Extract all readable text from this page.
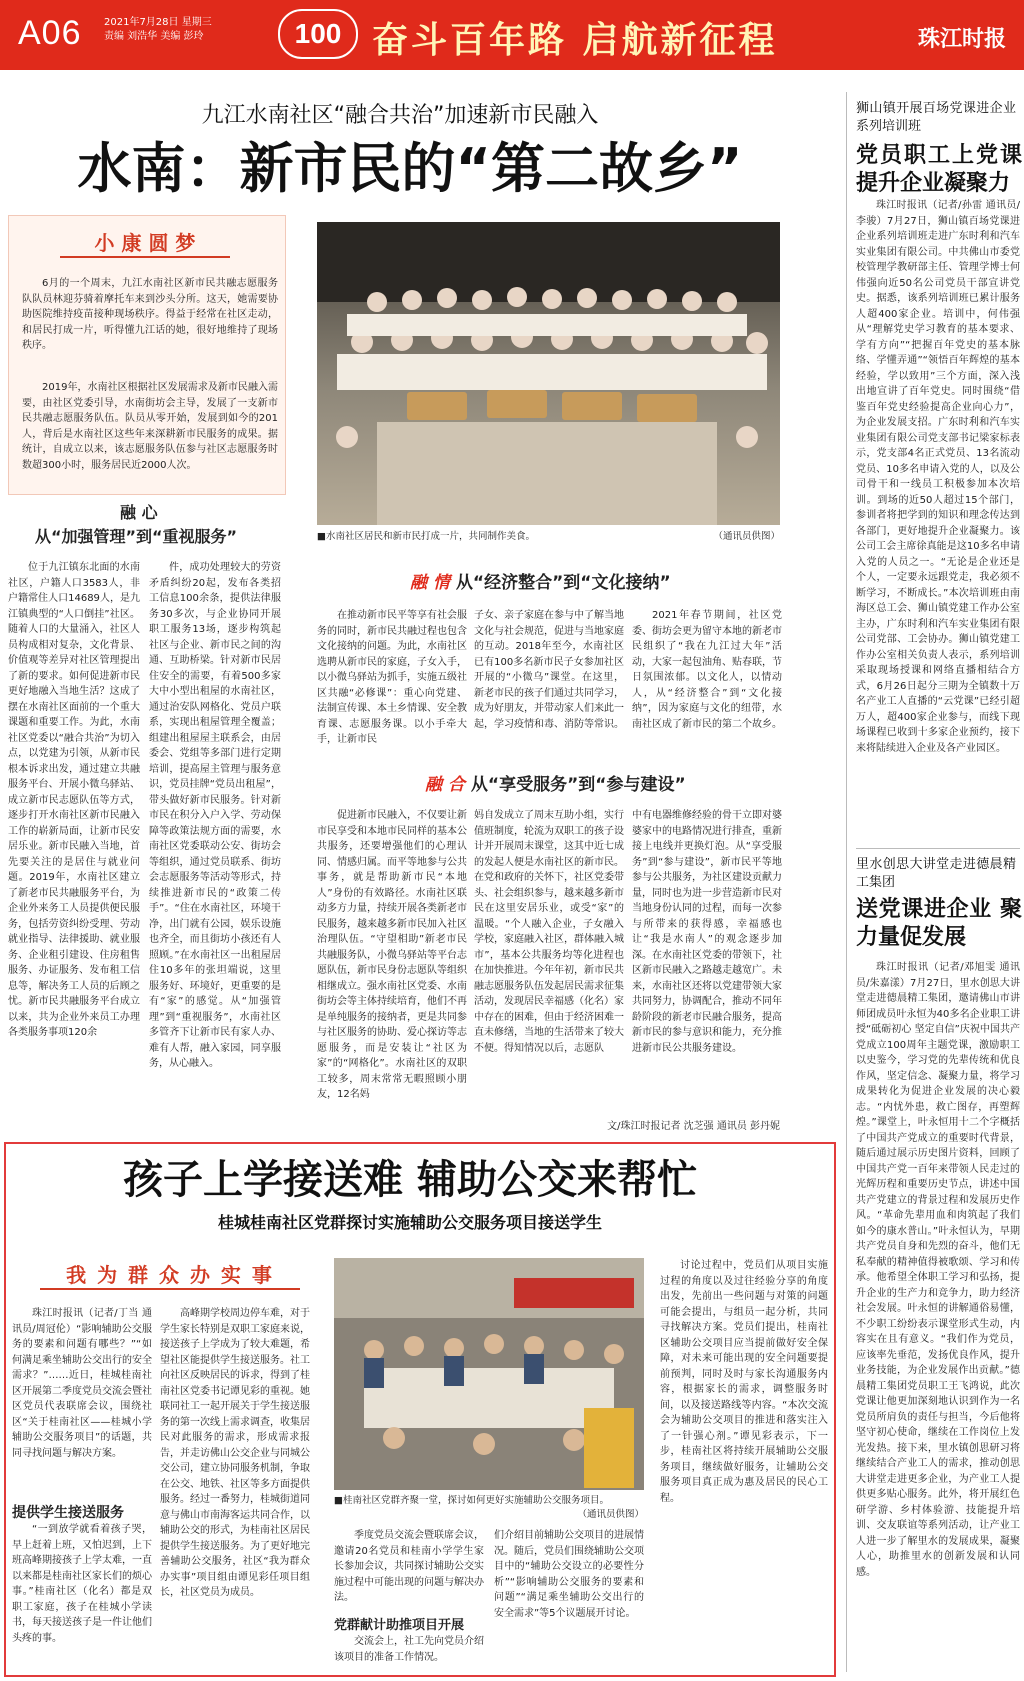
A06 2021年7月28日 星期三
责编 刘浩华 美编 彭玲	100 奋斗百年路 启航新征程	珠江时报
九江水南社区“融合共治”加速新市民融入
水南：新市民的“第二故乡”
小 康 圆 梦
6月的一个周末，九江水南社区新市民共融志愿服务队队员林迎芬骑着摩托车来到沙头分所。这天，她需要协助医院维持疫苗接种现场秩序。得益于经常在社区走动，和居民打成一片，听得懂九江话的她，很好地维持了现场秩序。
2019年，水南社区根据社区发展需求及新市民融入需要，由社区党委引导，水南街坊会主导，发展了一支新市民共融志愿服务队伍。队员从零开始，发展到如今的201人，背后是水南社区这些年来深耕新市民服务的成果。据统计，自成立以来，该志愿服务队伍参与社区志愿服务时数超300小时，服务居民近2000人次。
■水南社区居民和新市民打成一片，共同制作美食。	（通讯员供图）
融 心
从“加强管理”到“重视服务”
位于九江镇东北面的水南社区，户籍人口3583人，非户籍常住人口14689人，是九江镇典型的“人口倒挂”社区。随着人口的大量涌入，社区人员构成相对复杂，文化背景、价值观等差异对社区管理提出了新的要求。如何促进新市民更好地融入当地生活？这成了摆在水南社区面前的一个重大课题和重要工作。为此，水南社区党委以“融合共治”为切入点，以党建为引领，从新市民根本诉求出发，通过建立共融服务平台、开展小微乌驿站、成立新市民志愿队伍等方式，逐步打开水南社区新市民融入工作的崭新局面，让新市民安居乐业。新市民融入当地，首先要关注的是居住与就业问题。2019年，水南社区建立了新老市民共融服务平台，为企业外来务工人员提供便民服务，包括劳资纠纷受理、劳动就业指导、法律援助、就业服务、企业租引建设、住房租售服务、办证服务、发布租工信息等，解决务工人员的后顾之忧。新市民共融服务平台成立以来，共为企业外来员工办理各类服务事项120余
件，成功处理较大的劳资矛盾纠纷20起，发布各类招工信息100余条，提供法律服务30多次，与企业协同开展职工服务13场，逐步构筑起社区与企业、新市民之间的沟通、互助桥梁。针对新市民居住安全的需要，有着500多家大中小型出租屋的水南社区，通过治安队网格化、党员户联系，实现出租屋管理全覆盖；组建出租屋屋主联系会，由居委会、党组等多部门进行定期培训，提高屋主管理与服务意识，党员挂牌“党员出租屋”，带头做好新市民服务。针对新市民在积分入户入学、劳动保障等政策法规方面的需要，水南社区党委联动公安、街坊会等组织，通过党员联系、街坊会志愿服务等活动等形式，持续推进新市民的“政策二传手”。“住在水南社区，环境干净，出门就有公园，娱乐设施也齐全，而且街坊小孩还有人照顾。”在水南社区一出租屋居住10多年的张坦端说，这里服务好、环境好，更重要的是有“家”的感觉。从“加强管理”到“重视服务”，水南社区多管齐下让新市民有家人办、难有人帮，融入家园，同享服务，从心融入。
融 情 从“经济整合”到“文化接纳”
在推动新市民平等享有社会服务的同时，新市民共融过程也包含文化接纳的问题。为此，水南社区选聘从新市民的家庭，子女入手，以小微乌驿站为抓手，实施五级社区共融“必修课”：重心向党建、法制宣传课、本土乡情课、安全教育课、志愿服务课。以小手牵大手，让新市民
子女、亲子家庭在参与中了解当地文化与社会规范，促进与当地家庭的互动。2018年至今，水南社区已有100多名新市民子女参加社区开展的“小微乌”课堂。在这里，新老市民的孩子们通过共同学习，成为好朋友，并带动家人们来此一起，学习疫情和毒、消防等常识。
2021年春节期间，社区党委、街坊会更为留守本地的新老市民组织了“我在九江过大年”活动，大家一起包油角、贴春联，节日氛围浓郁。以文化人，以情动人，从“经济整合”到“文化接纳”，因为家庭与文化的纽带，水南社区成了新市民的第二个故乡。
融 合 从“享受服务”到“参与建设”
促进新市民融入，不仅要让新市民享受和本地市民同样的基本公共服务，还要增强他们的心理认同、情感归属。而平等地参与公共事务，就是帮助新市民“本地人”身份的有效路径。水南社区联动多方力量，持续开展各类新老市民服务，越来越多新市民加入社区治理队伍。“守望相助”新老市民共融服务队，小微乌驿站等平台志愿队伍，新市民身份志愿队等组织相继成立。强水南社区党委、水南街坊会等主体持续培育，他们不再是单纯服务的接纳者，更是共同参与社区服务的协助、爱心探访等志愿服务，而是安装让“社区为家”的“网格化”。水南社区的双职工较多，周末常常无暇照顾小朋友，12名妈
妈自发成立了周末互助小组，实行值班制度，轮流为双职工的孩子设计并开展周末课堂，这其中近七成的发起人便是水南社区的新市民。在党和政府的关怀下，社区党委带头、社会组织参与，越来越多新市民在这里安居乐业，或受“家”的温暖。“个人融入企业，子女融入学校，家庭融入社区，群体融入城市”，基本公共服务均等化进程也在加快推进。今年年初，新市民共融志愿服务队伍发起居民需求征集活动，发现居民幸福感（化名）家中存在的困难，但由于经济困难一直未修缮，当地的生活带来了较大不便。得知情况以后，志愿队
中有电器维修经验的骨干立即对婆婆家中的电路情况进行排查，重新接上电线并更换灯泡。从“享受服务”到“参与建设”，新市民平等地参与公共服务，为社区建设贡献力量，同时也为进一步营造新市民对当地身份认同的过程，而每一次参与所带来的获得感，幸福感也让“我是水南人”的观念逐步加深。在水南社区党委的带领下，社区新市民融入之路越走越宽广。未来，水南社区还将以党建带领大家共同努力，协调配合，推动不同年龄阶段的新老市民融合服务，提高新市民的参与意识和能力，充分推进新市民公共服务建设。
文/珠江时报记者 沈芝强 通讯员 彭丹妮
狮山镇开展百场党课进企业系列培训班
党员职工上党课 提升企业凝聚力
珠江时报讯（记者/孙雷 通讯员/李骏）7月27日，狮山镇百场党课进企业系列培训班走进广东时利和汽车实业集团有限公司。中共佛山市委党校管理学教研部主任、管理学博士何伟强向近50名公司党员干部宣讲党史。据悉，该系列培训班已累计服务人超400家企业。培训中，何伟强从“理解党史学习教育的基本要求、学有方向”“把握百年党史的基本脉络、学懂弄通”“领悟百年辉煌的基本经验，学以致用”三个方面，深入浅出地宣讲了百年党史。同时围绕“借鉴百年党史经验提高企业向心力”，为企业发展支招。广东时利和汽车实业集团有限公司党支部书记梁家标表示，党支部4名正式党员、13名流动党员、10多名申请入党的人，以及公司骨干和一线员工积极参加本次培训。到场的近50人超过15个部门，参训者将把学到的知识和理念传达到各部门，更好地提升企业凝聚力。该公司工会主席徐真能是这10多名申请入党的人员之一。“无论是企业还是个人，一定要永远跟党走，我必须不断学习，不断成长。”本次培训班由南海区总工会、狮山镇党建工作办公室主办，广东时利和汽车实业集团有限公司党部、工会协办。狮山镇党建工作办公室相关负责人表示，系列培训采取现场授课和网络直播相结合方式，6月26日起分三期为全镇数十万名产业工人直播的“云党课”已经引超万人，超400家企业参与，而线下现场课程已收到十多家企业预约，接下来将陆续进入企业及各产业园区。
里水创思大讲堂走进德晨精工集团
送党课进企业 聚力量促发展
珠江时报讯（记者/邓旭雯 通讯员/朱嘉漾）7月27日，里水创思大讲堂走进德晨精工集团，邀请佛山市讲师团成员叶永恒为40多名企业职工讲授“砥砺初心 坚定自信”庆祝中国共产党成立100周年主题党课，激励职工以史鉴今，学习党的先辈传统和优良作风，坚定信念、凝聚力量，将学习成果转化为促进企业发展的决心毅志。“内忧外患，救亡图存，再塑辉煌。”课堂上，叶永恒用十二个字概括了中国共产党成立的重要时代背景，随后通过展示历史图片资料，回顾了中国共产党一百年来带领人民走过的光辉历程和重要历史节点，讲述中国共产党建立的背景过程和发展历史作风。“革命先辈用血和肉筑起了我们如今的康水普山。”叶永恒认为，早期共产党员自身和先烈的奋斗，他们无私奉献的精神值得被歌颂、学习和传承。他希望全体职工学习和弘扬，提升企业的生产力和竞争力，助力经济社会发展。叶永恒的讲解通俗易懂，不少职工纷纷表示课堂形式生动，内容实在且有意义。“我们作为党员，应该率先垂范，发扬优良作风，提升业务技能，为企业发展作出贡献。”德晨精工集团党员职工王飞鸿说，此次党课让他更加深刻地认识到作为一名党员所肩负的责任与担当，今后他将坚守初心使命，继续在工作岗位上发光发热。接下来，里水镇创思研习将继续结合产业工人的需求，推动创思大讲堂走进更多企业，为产业工人提供更多贴心服务。此外，将开展红色研学游、乡村体验游、技能提升培训、交友联谊等系列活动，让产业工人进一步了解里水的发展成果，凝聚人心，助推里水的创新发展和认同感。
孩子上学接送难 辅助公交来帮忙
桂城桂南社区党群探讨实施辅助公交服务项目接送学生
我 为 群 众 办 实 事
珠江时报讯（记者/丁当 通讯员/周冠伦）“影响辅助公交服务的要素和问题有哪些？”“如何满足乘坐辅助公交出行的安全需求？”……近日，桂城桂南社区开展第二季度党员交流会暨社区党员代表联席会议，围绕社区“关于桂南社区——桂城小学辅助公交服务项目”的话题，共同寻找问题与解决方案。
提供学生接送服务
“一到放学就看着孩子哭，早上赶着上班，又怕迟到，上下班高峰期接孩子上学太难，一直以来都是桂南社区家长们的烦心事。”桂南社区（化名）都是双职工家庭，孩子在桂城小学读书，每天接送孩子是一件让他们头疼的事。
高峰期学校周边停车难，对于学生家长特别是双职工家庭来说，接送孩子上学成为了较大难题，希望社区能提供学生接送服务。社工向社区反映居民的诉求，得到了桂南社区党委书记谭见彩的重视。她联同社工一起开展关于学生接送服务的第一次线上需求调查，收集居民对此服务的需求，形成需求报告，并走访佛山公交企业与同城公交公司，建立协同服务机制，争取在公交、地铁、社区等多方面提供服务。经过一番努力，桂城街道同意与佛山市南海客运共同合作，以辅助公交的形式，为桂南社区居民提供学生接送服务。为了更好地完善辅助公交服务，社区“我为群众办实事”项目组由谭见彩任项目组长，社区党员为成员。
■桂南社区党群齐聚一堂，探讨如何更好实施辅助公交服务项目。
（通讯员供图）
季度党员交流会暨联席会议，邀请20名党员和桂南小学学生家长参加会议，共同探讨辅助公交实施过程中可能出现的问题与解决办法。
党群献计助推项目开展
交流会上，社工先向党员介绍该项目的准备工作情况。
们介绍目前辅助公交项目的进展情况。随后，党员们围绕辅助公交项目中的“辅助公交设立的必要性分析”“影响辅助公交服务的要素和问题”“满足乘坐辅助公交出行的安全需求”等5个议题展开讨论。
讨论过程中，党员们从项目实施过程的角度以及过往经验分享的角度出发，先前出一些问题与对策的问题可能会提出，与组员一起分析，共同寻找解决方案。党员们提出，桂南社区辅助公交项目应当提前做好安全保障，对未来可能出现的安全问题要提前预判，同时及时与家长沟通服务内容，根据家长的需求，调整服务时间，以及接送路线等内容。“本次交流会为辅助公交项目的推进和落实注入了一针强心剂。”谭见彩表示，下一步，桂南社区将持续开展辅助公交服务项目，继续做好服务，让辅助公交服务项目真正成为惠及居民的民心工程。
